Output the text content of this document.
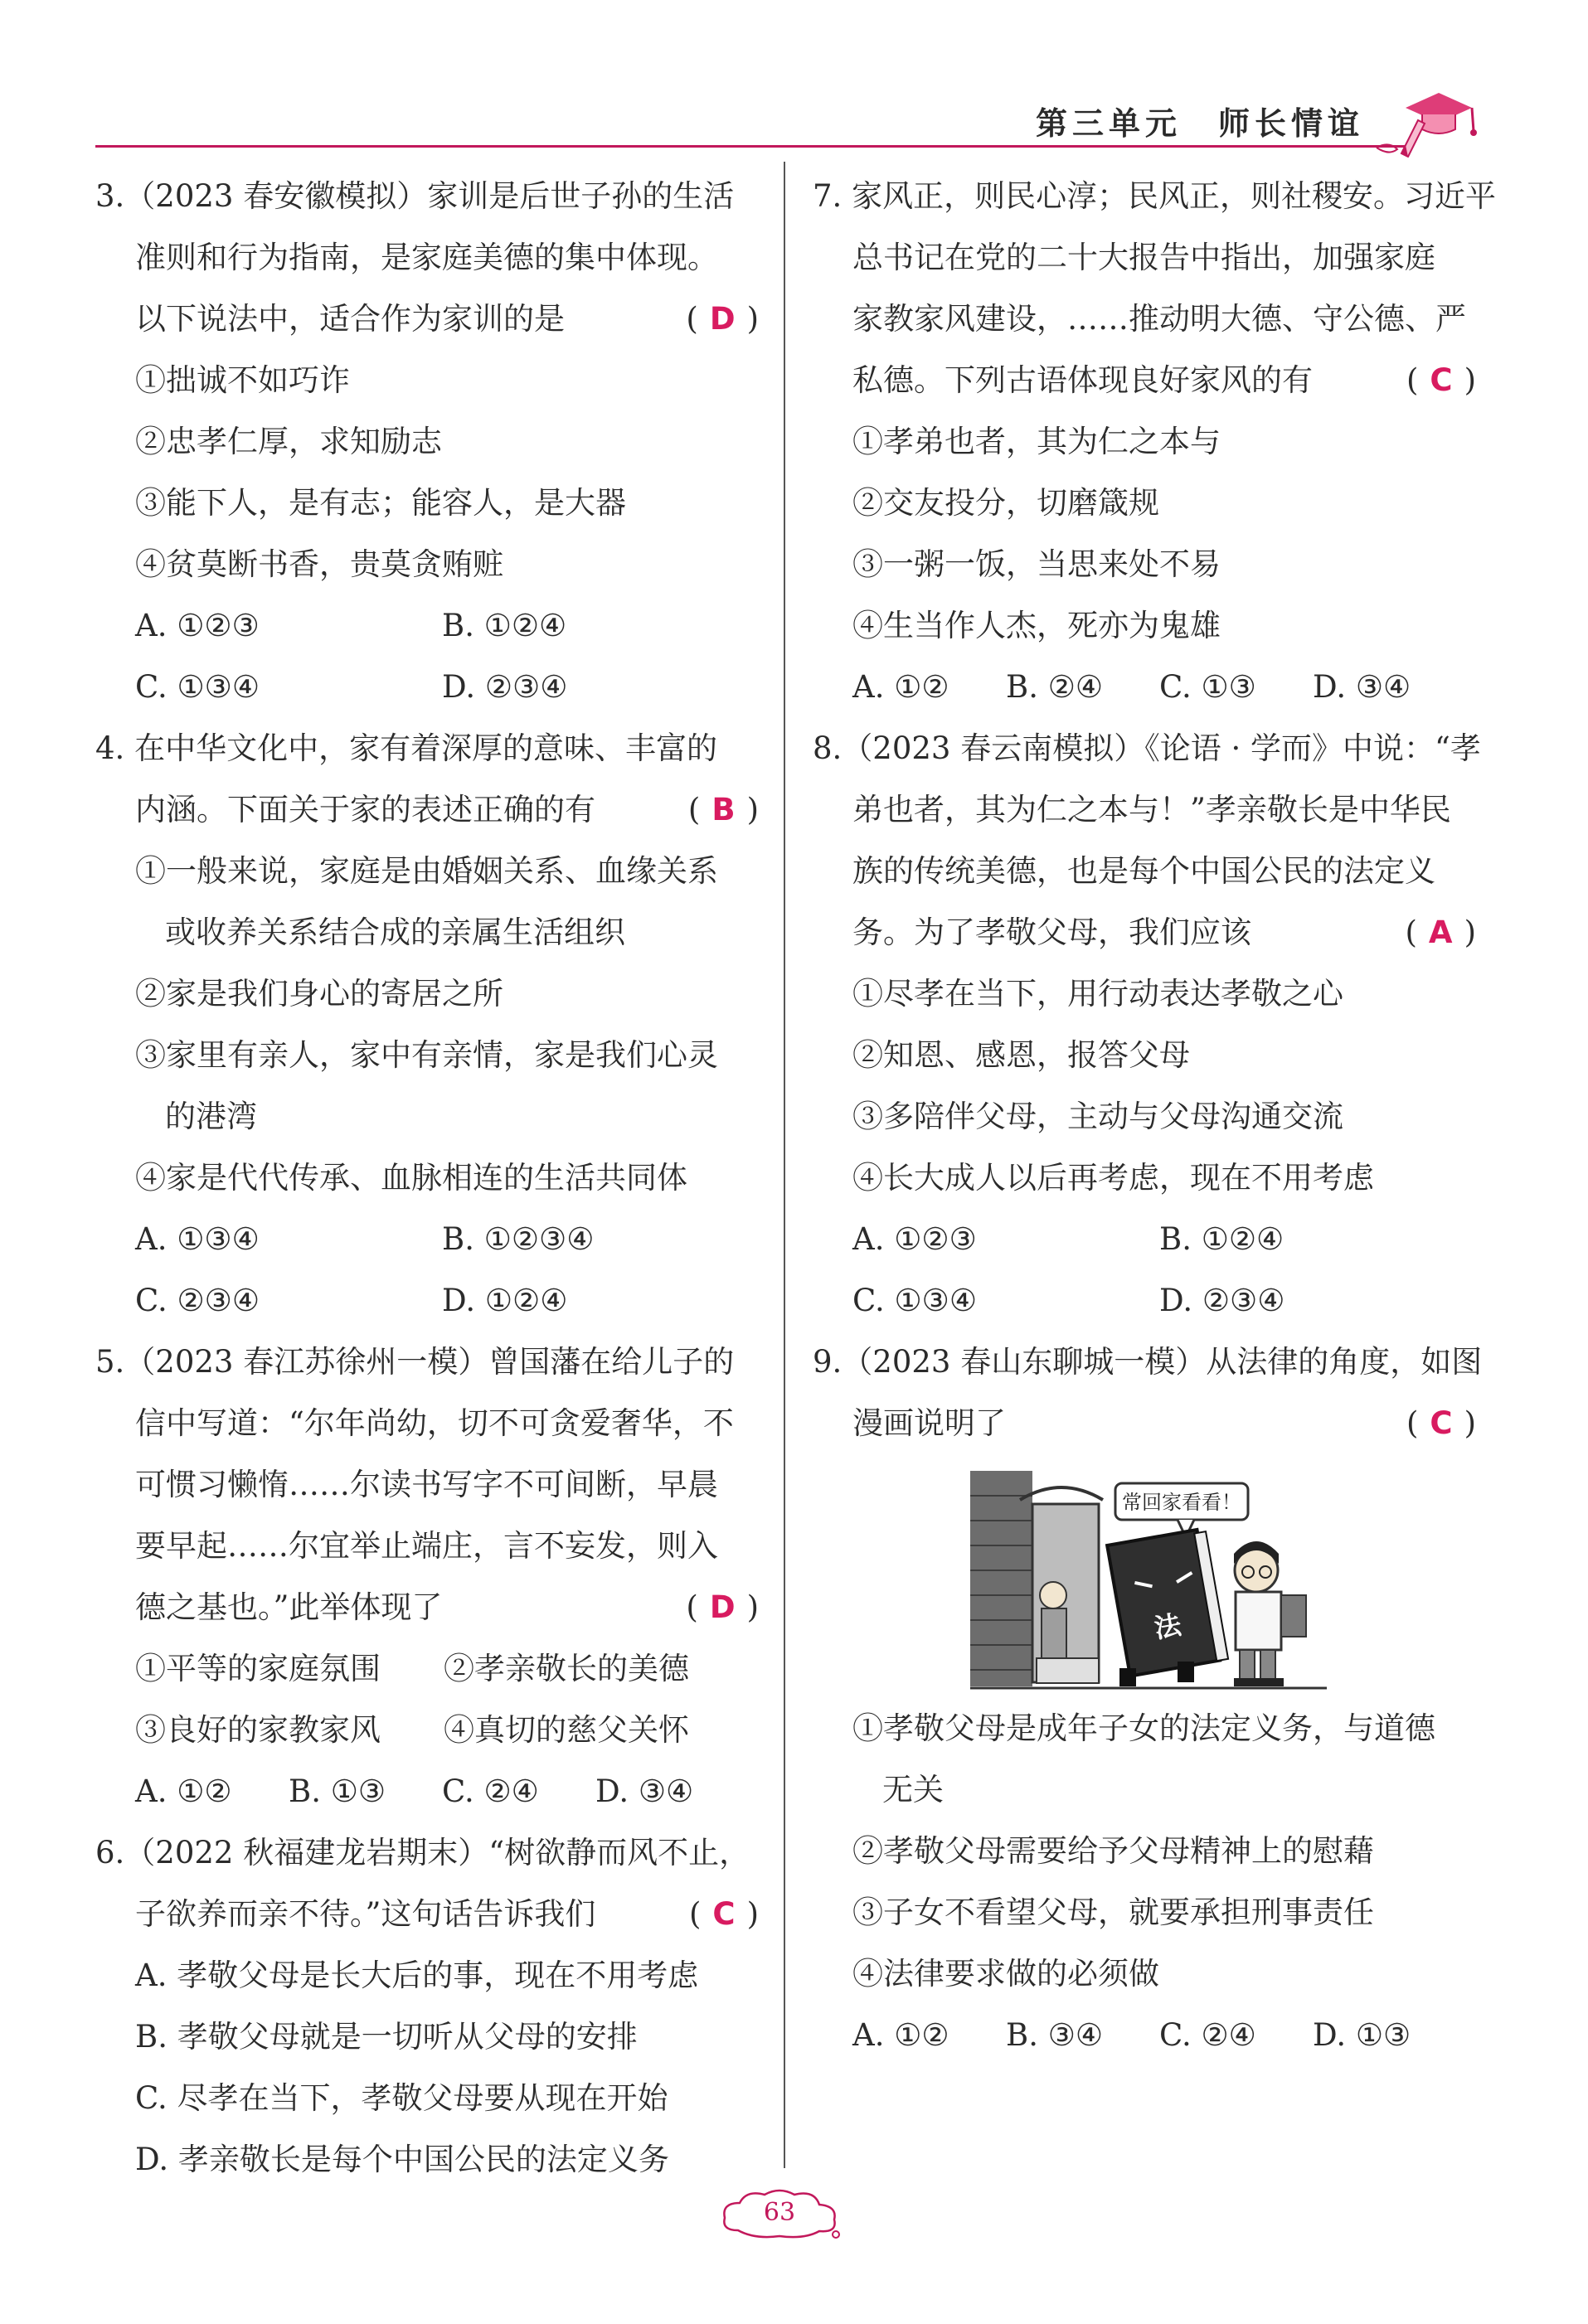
第三单元　师长情谊
3.（2023 春安徽模拟）家训是后世子孙的生活
准则和行为指南，是家庭美德的集中体现。
以下说法中，适合作为家训的是	( D )
①拙诚不如巧诈
②忠孝仁厚，求知励志
③能下人，是有志；能容人，是大器
④贫莫断书香，贵莫贪贿赃
A. ①②③	B. ①②④
C. ①③④	D. ②③④
4. 在中华文化中，家有着深厚的意味、丰富的
内涵。下面关于家的表述正确的有	( B )
①一般来说，家庭是由婚姻关系、血缘关系
或收养关系结合成的亲属生活组织
②家是我们身心的寄居之所
③家里有亲人，家中有亲情，家是我们心灵
的港湾
④家是代代传承、血脉相连的生活共同体
A. ①③④	B. ①②③④
C. ②③④	D. ①②④
5.（2023 春江苏徐州一模）曾国藩在给儿子的
信中写道：“尔年尚幼，切不可贪爱奢华，不
可惯习懒惰……尔读书写字不可间断，早晨
要早起……尔宜举止端庄，言不妄发，则入
德之基也。”此举体现了	( D )
①平等的家庭氛围	②孝亲敬长的美德
③良好的家教家风	④真切的慈父关怀
A. ①②	B. ①③	C. ②④	D. ③④
6.（2022 秋福建龙岩期末）“树欲静而风不止，
子欲养而亲不待。”这句话告诉我们	( C )
A. 孝敬父母是长大后的事，现在不用考虑
B. 孝敬父母就是一切听从父母的安排
C. 尽孝在当下，孝敬父母要从现在开始
D. 孝亲敬长是每个中国公民的法定义务
7. 家风正，则民心淳；民风正，则社稷安。习近平
总书记在党的二十大报告中指出，加强家庭
家教家风建设，……推动明大德、守公德、严
私德。下列古语体现良好家风的有	( C )
①孝弟也者，其为仁之本与
②交友投分，切磨箴规
③一粥一饭，当思来处不易
④生当作人杰，死亦为鬼雄
A. ①②	B. ②④	C. ①③	D. ③④
8.（2023 春云南模拟）《论语 · 学而》中说：“孝
弟也者，其为仁之本与！”孝亲敬长是中华民
族的传统美德，也是每个中国公民的法定义
务。为了孝敬父母，我们应该	( A )
①尽孝在当下，用行动表达孝敬之心
②知恩、感恩，报答父母
③多陪伴父母，主动与父母沟通交流
④长大成人以后再考虑，现在不用考虑
A. ①②③	B. ①②④
C. ①③④	D. ②③④
9.（2023 春山东聊城一模）从法律的角度，如图
漫画说明了	( C )
常回家看看！
法
①孝敬父母是成年子女的法定义务，与道德
无关
②孝敬父母需要给予父母精神上的慰藉
③子女不看望父母，就要承担刑事责任
④法律要求做的必须做
A. ①②	B. ③④	C. ②④	D. ①③
63
